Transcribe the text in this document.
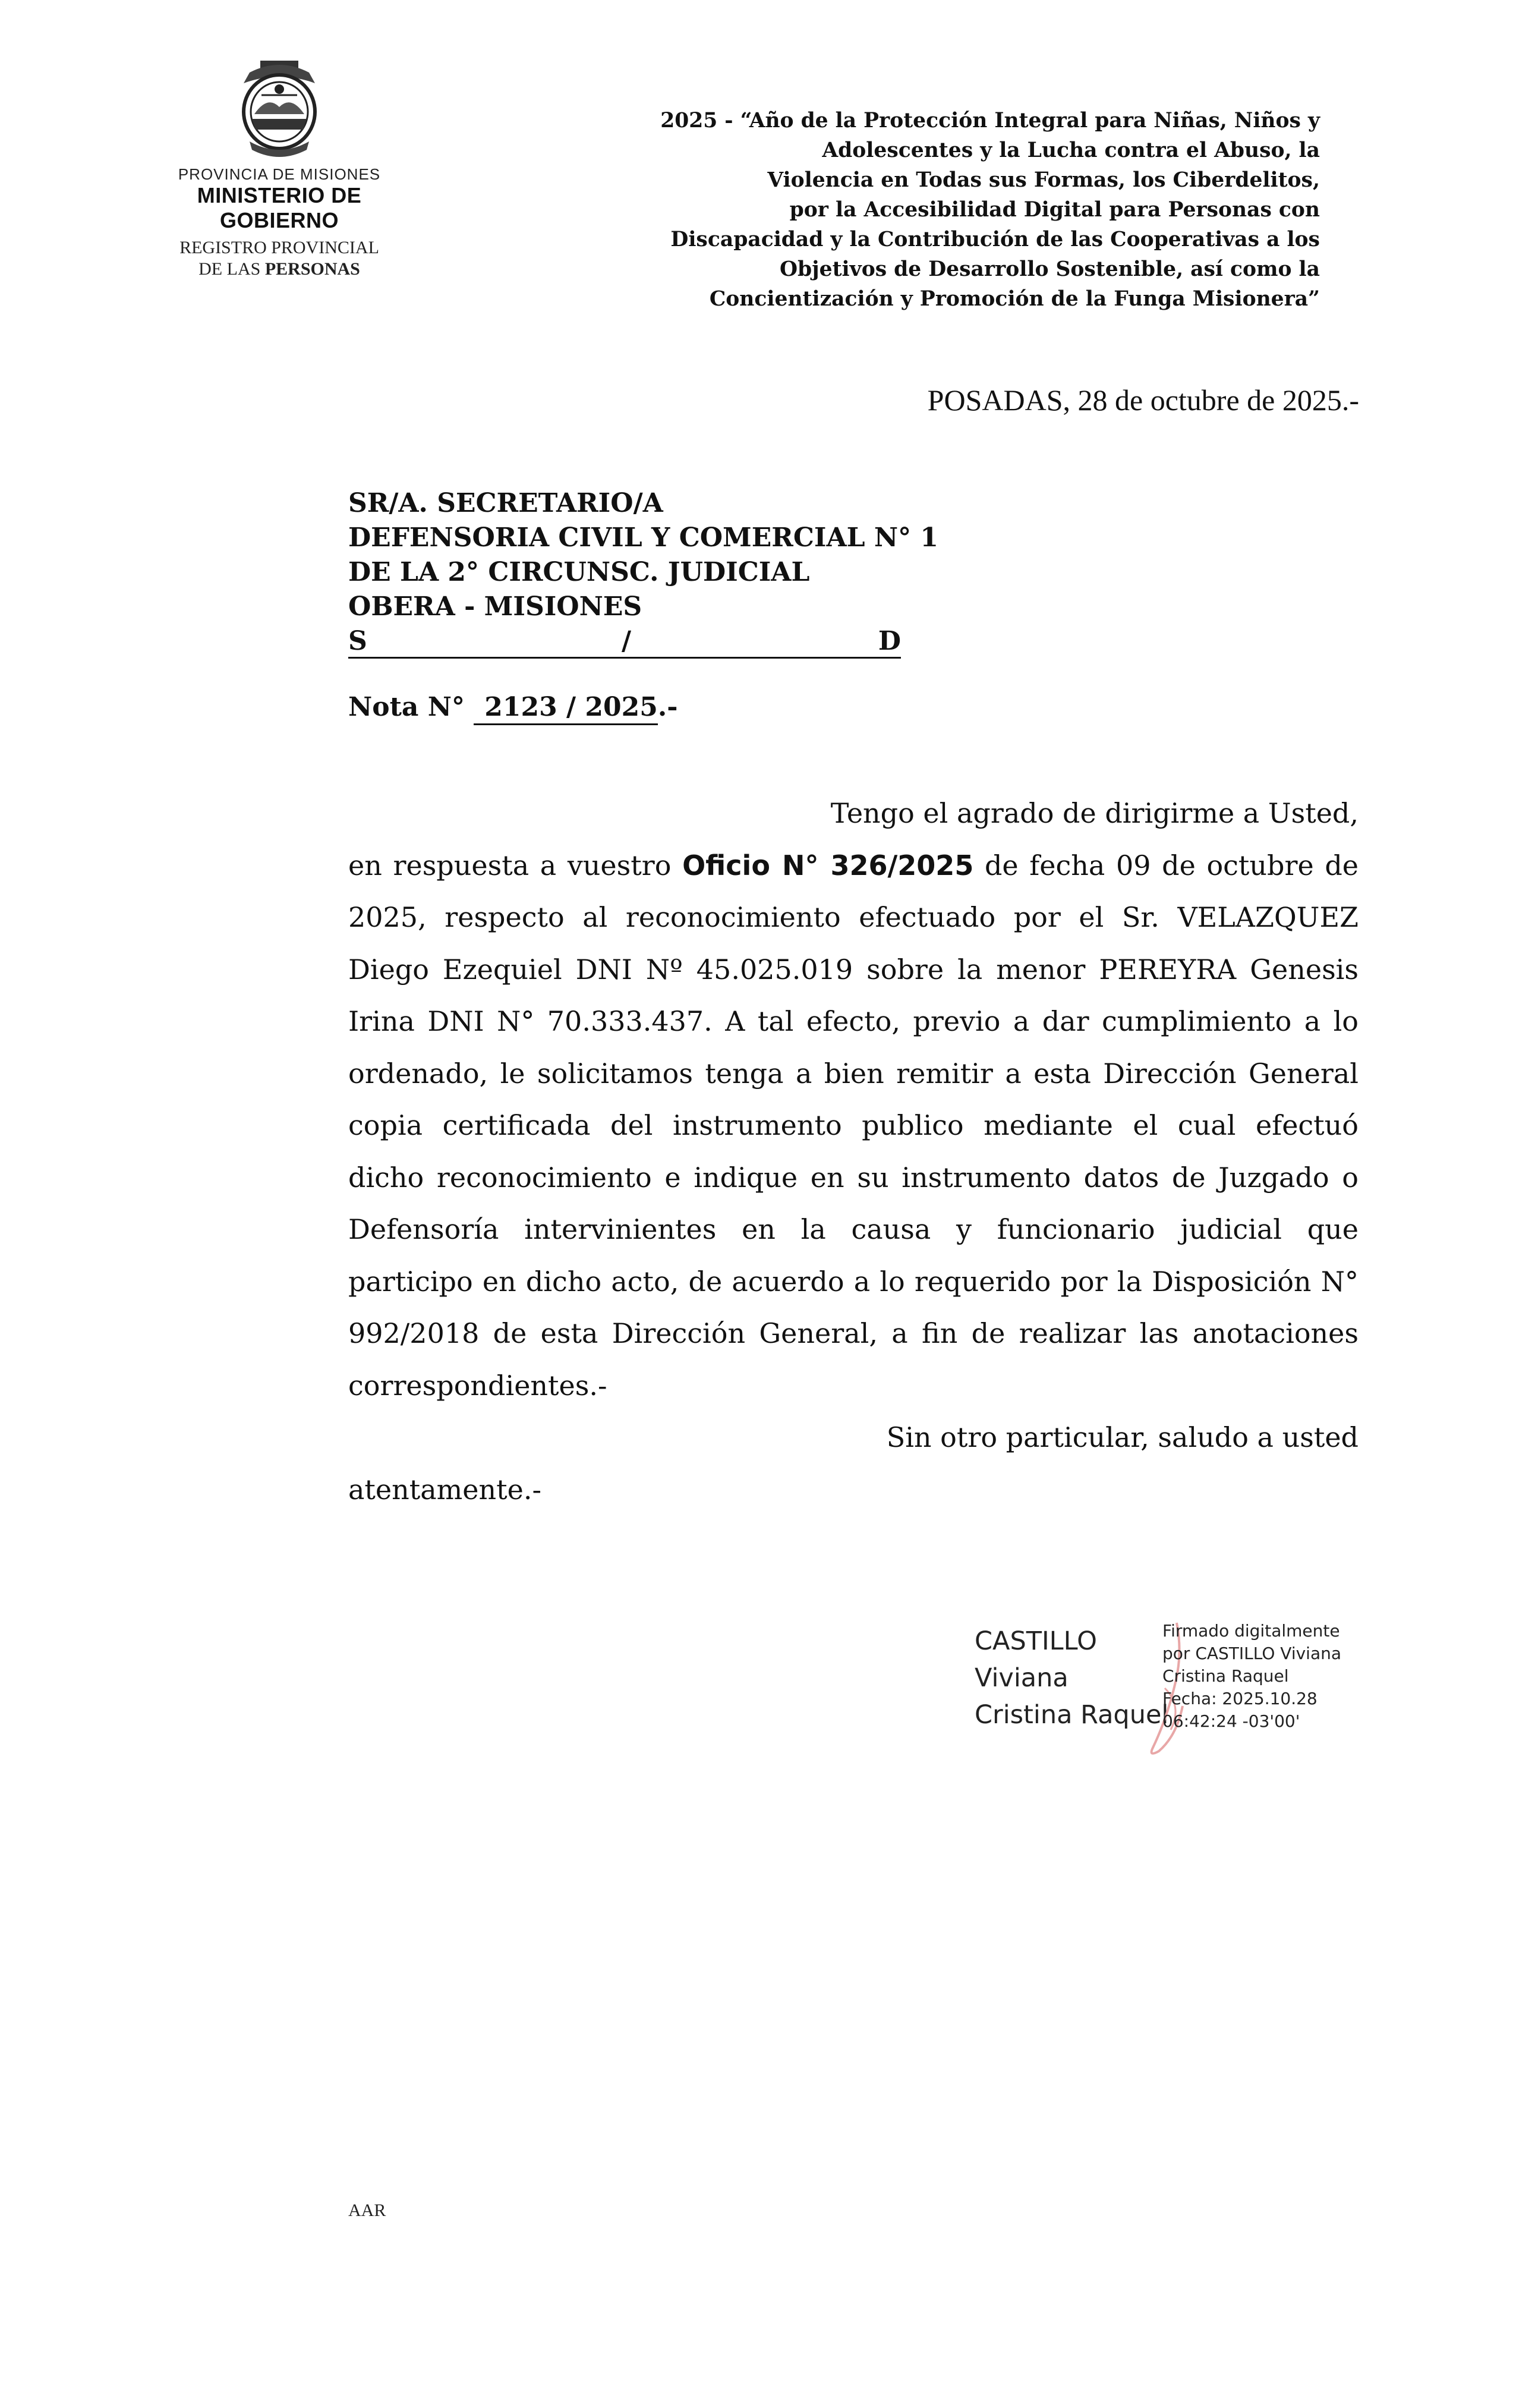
PROVINCIA DE MISIONES
MINISTERIO DE GOBIERNO
REGISTRO PROVINCIAL
DE LAS PERSONAS
2025 - “Año de la Protección Integral para Niñas, Niños y
Adolescentes y la Lucha contra el Abuso, la
Violencia en Todas sus Formas, los Ciberdelitos,
por la Accesibilidad Digital para Personas con
Discapacidad y la Contribución de las Cooperativas a los
Objetivos de Desarrollo Sostenible, así como la
Concientización y Promoción de la Funga Misionera”
POSADAS, 28 de octubre de 2025.-
SR/A. SECRETARIO/A
DEFENSORIA CIVIL Y COMERCIAL N° 1
DE LA 2° CIRCUNSC. JUDICIAL
OBERA - MISIONES
S	/	D
Nota N° 2123 / 2025.-

Tengo el agrado de dirigirme a Usted,

en respuesta a vuestro Oficio N° 326/2025 de fecha 09 de octubre de

2025, respecto al reconocimiento efectuado por el Sr. VELAZQUEZ

Diego Ezequiel DNI Nº 45.025.019 sobre la menor PEREYRA Genesis

Irina DNI N° 70.333.437. A tal efecto, previo a dar cumplimiento a lo

ordenado, le solicitamos tenga a bien remitir a esta Dirección General

copia certificada del instrumento publico mediante el cual efectuó

dicho reconocimiento e indique en su instrumento datos de Juzgado o

Defensoría intervinientes en la causa y funcionario judicial que

participo en dicho acto, de acuerdo a lo requerido por la Disposición N°

992/2018 de esta Dirección General, a fin de realizar las anotaciones

correspondientes.-

Sin otro particular, saludo a usted

atentamente.-

CASTILLO
Viviana
Cristina Raquel
Firmado digitalmente
por CASTILLO Viviana
Cristina Raquel
Fecha: 2025.10.28
06:42:24 -03'00'
AAR
